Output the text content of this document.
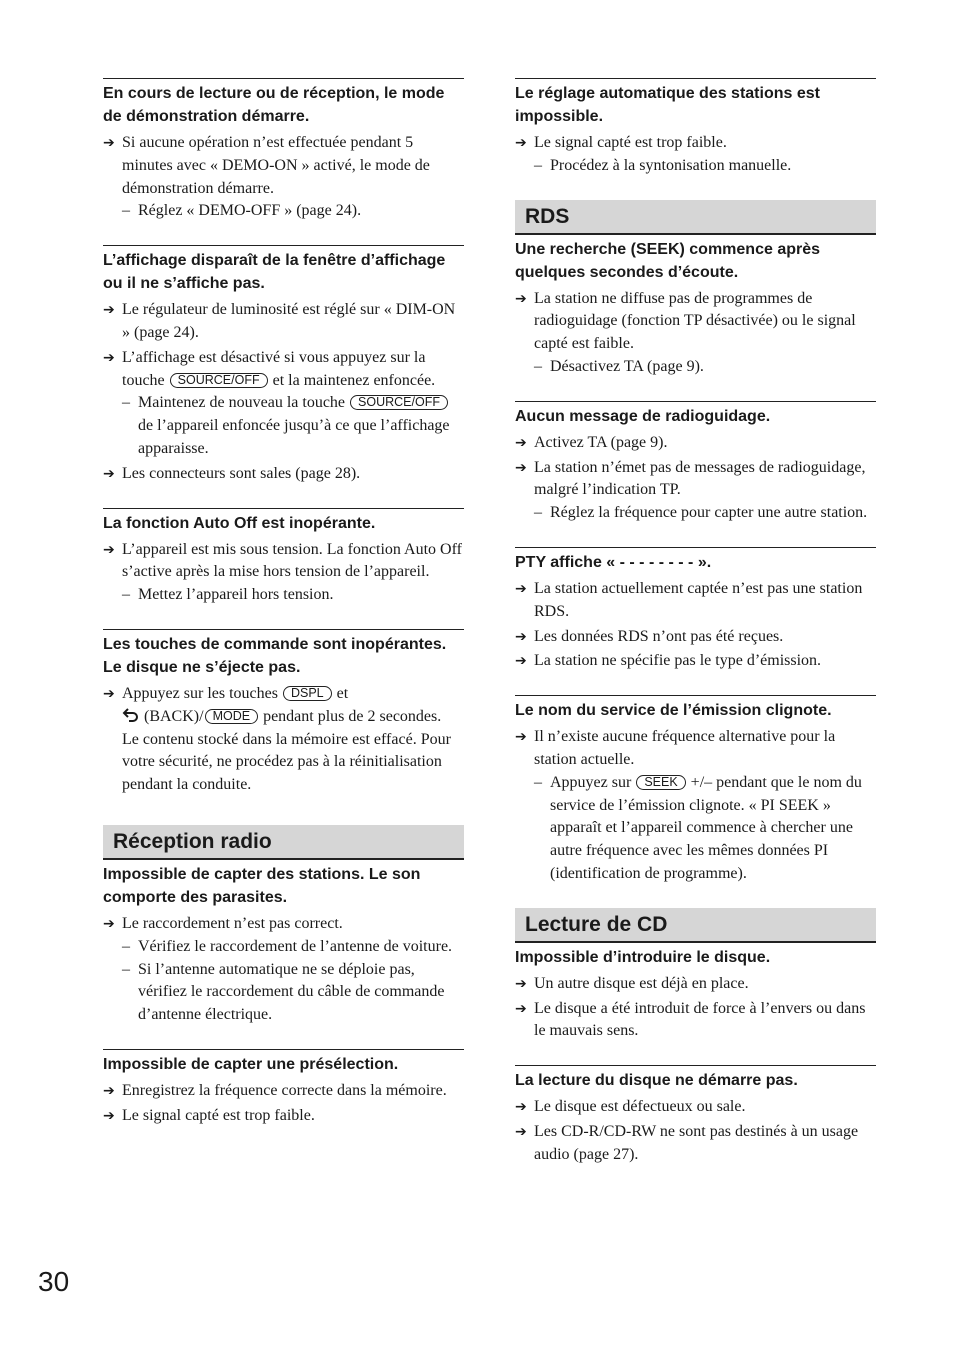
En cours de lecture ou de réception, le mode de démonstration démarre.
➔ Si aucune opération n’est effectuée pendant 5 minutes avec « DEMO-ON » activé, le mode de démonstration démarre.
– Réglez « DEMO-OFF » (page 24).
L’affichage disparaît de la fenêtre d’affichage ou il ne s’affiche pas.
➔ Le régulateur de luminosité est réglé sur « DIM-ON » (page 24).
➔ L’affichage est désactivé si vous appuyez sur la touche SOURCE/OFF et la maintenez enfoncée.
– Maintenez de nouveau la touche SOURCE/OFF de l’appareil enfoncée jusqu’à ce que l’affichage apparaisse.
➔ Les connecteurs sont sales (page 28).
La fonction Auto Off est inopérante.
➔ L’appareil est mis sous tension. La fonction Auto Off s’active après la mise hors tension de l’appareil.
– Mettez l’appareil hors tension.
Les touches de commande sont inopérantes. Le disque ne s’éjecte pas.
➔ Appuyez sur les touches DSPL et
(BACK)/ MODE pendant plus de 2 secondes.
Le contenu stocké dans la mémoire est effacé. Pour votre sécurité, ne procédez pas à la réinitialisation pendant la conduite.
Réception radio
Impossible de capter des stations. Le son comporte des parasites.
➔ Le raccordement n’est pas correct.
– Vérifiez le raccordement de l’antenne de voiture.
– Si l’antenne automatique ne se déploie pas, vérifiez le raccordement du câble de commande d’antenne électrique.
Impossible de capter une présélection.
➔ Enregistrez la fréquence correcte dans la mémoire.
➔ Le signal capté est trop faible.
Le réglage automatique des stations est impossible.
➔ Le signal capté est trop faible.
– Procédez à la syntonisation manuelle.
RDS
Une recherche (SEEK) commence après quelques secondes d’écoute.
➔ La station ne diffuse pas de programmes de radioguidage (fonction TP désactivée) ou le signal capté est faible.
– Désactivez TA (page 9).
Aucun message de radioguidage.
➔ Activez TA (page 9).
➔ La station n’émet pas de messages de radioguidage, malgré l’indication TP.
– Réglez la fréquence pour capter une autre station.
PTY affiche « - - - - - - - - ».
➔ La station actuellement captée n’est pas une station RDS.
➔ Les données RDS n’ont pas été reçues.
➔ La station ne spécifie pas le type d’émission.
Le nom du service de l’émission clignote.
➔ Il n’existe aucune fréquence alternative pour la station actuelle.
– Appuyez sur SEEK +/– pendant que le nom du service de l’émission clignote. « PI SEEK » apparaît et l’appareil commence à chercher une autre fréquence avec les mêmes données PI (identification de programme).
Lecture de CD
Impossible d’introduire le disque.
➔ Un autre disque est déjà en place.
➔ Le disque a été introduit de force à l’envers ou dans le mauvais sens.
La lecture du disque ne démarre pas.
➔ Le disque est défectueux ou sale.
➔ Les CD-R/CD-RW ne sont pas destinés à un usage audio (page 27).
30
